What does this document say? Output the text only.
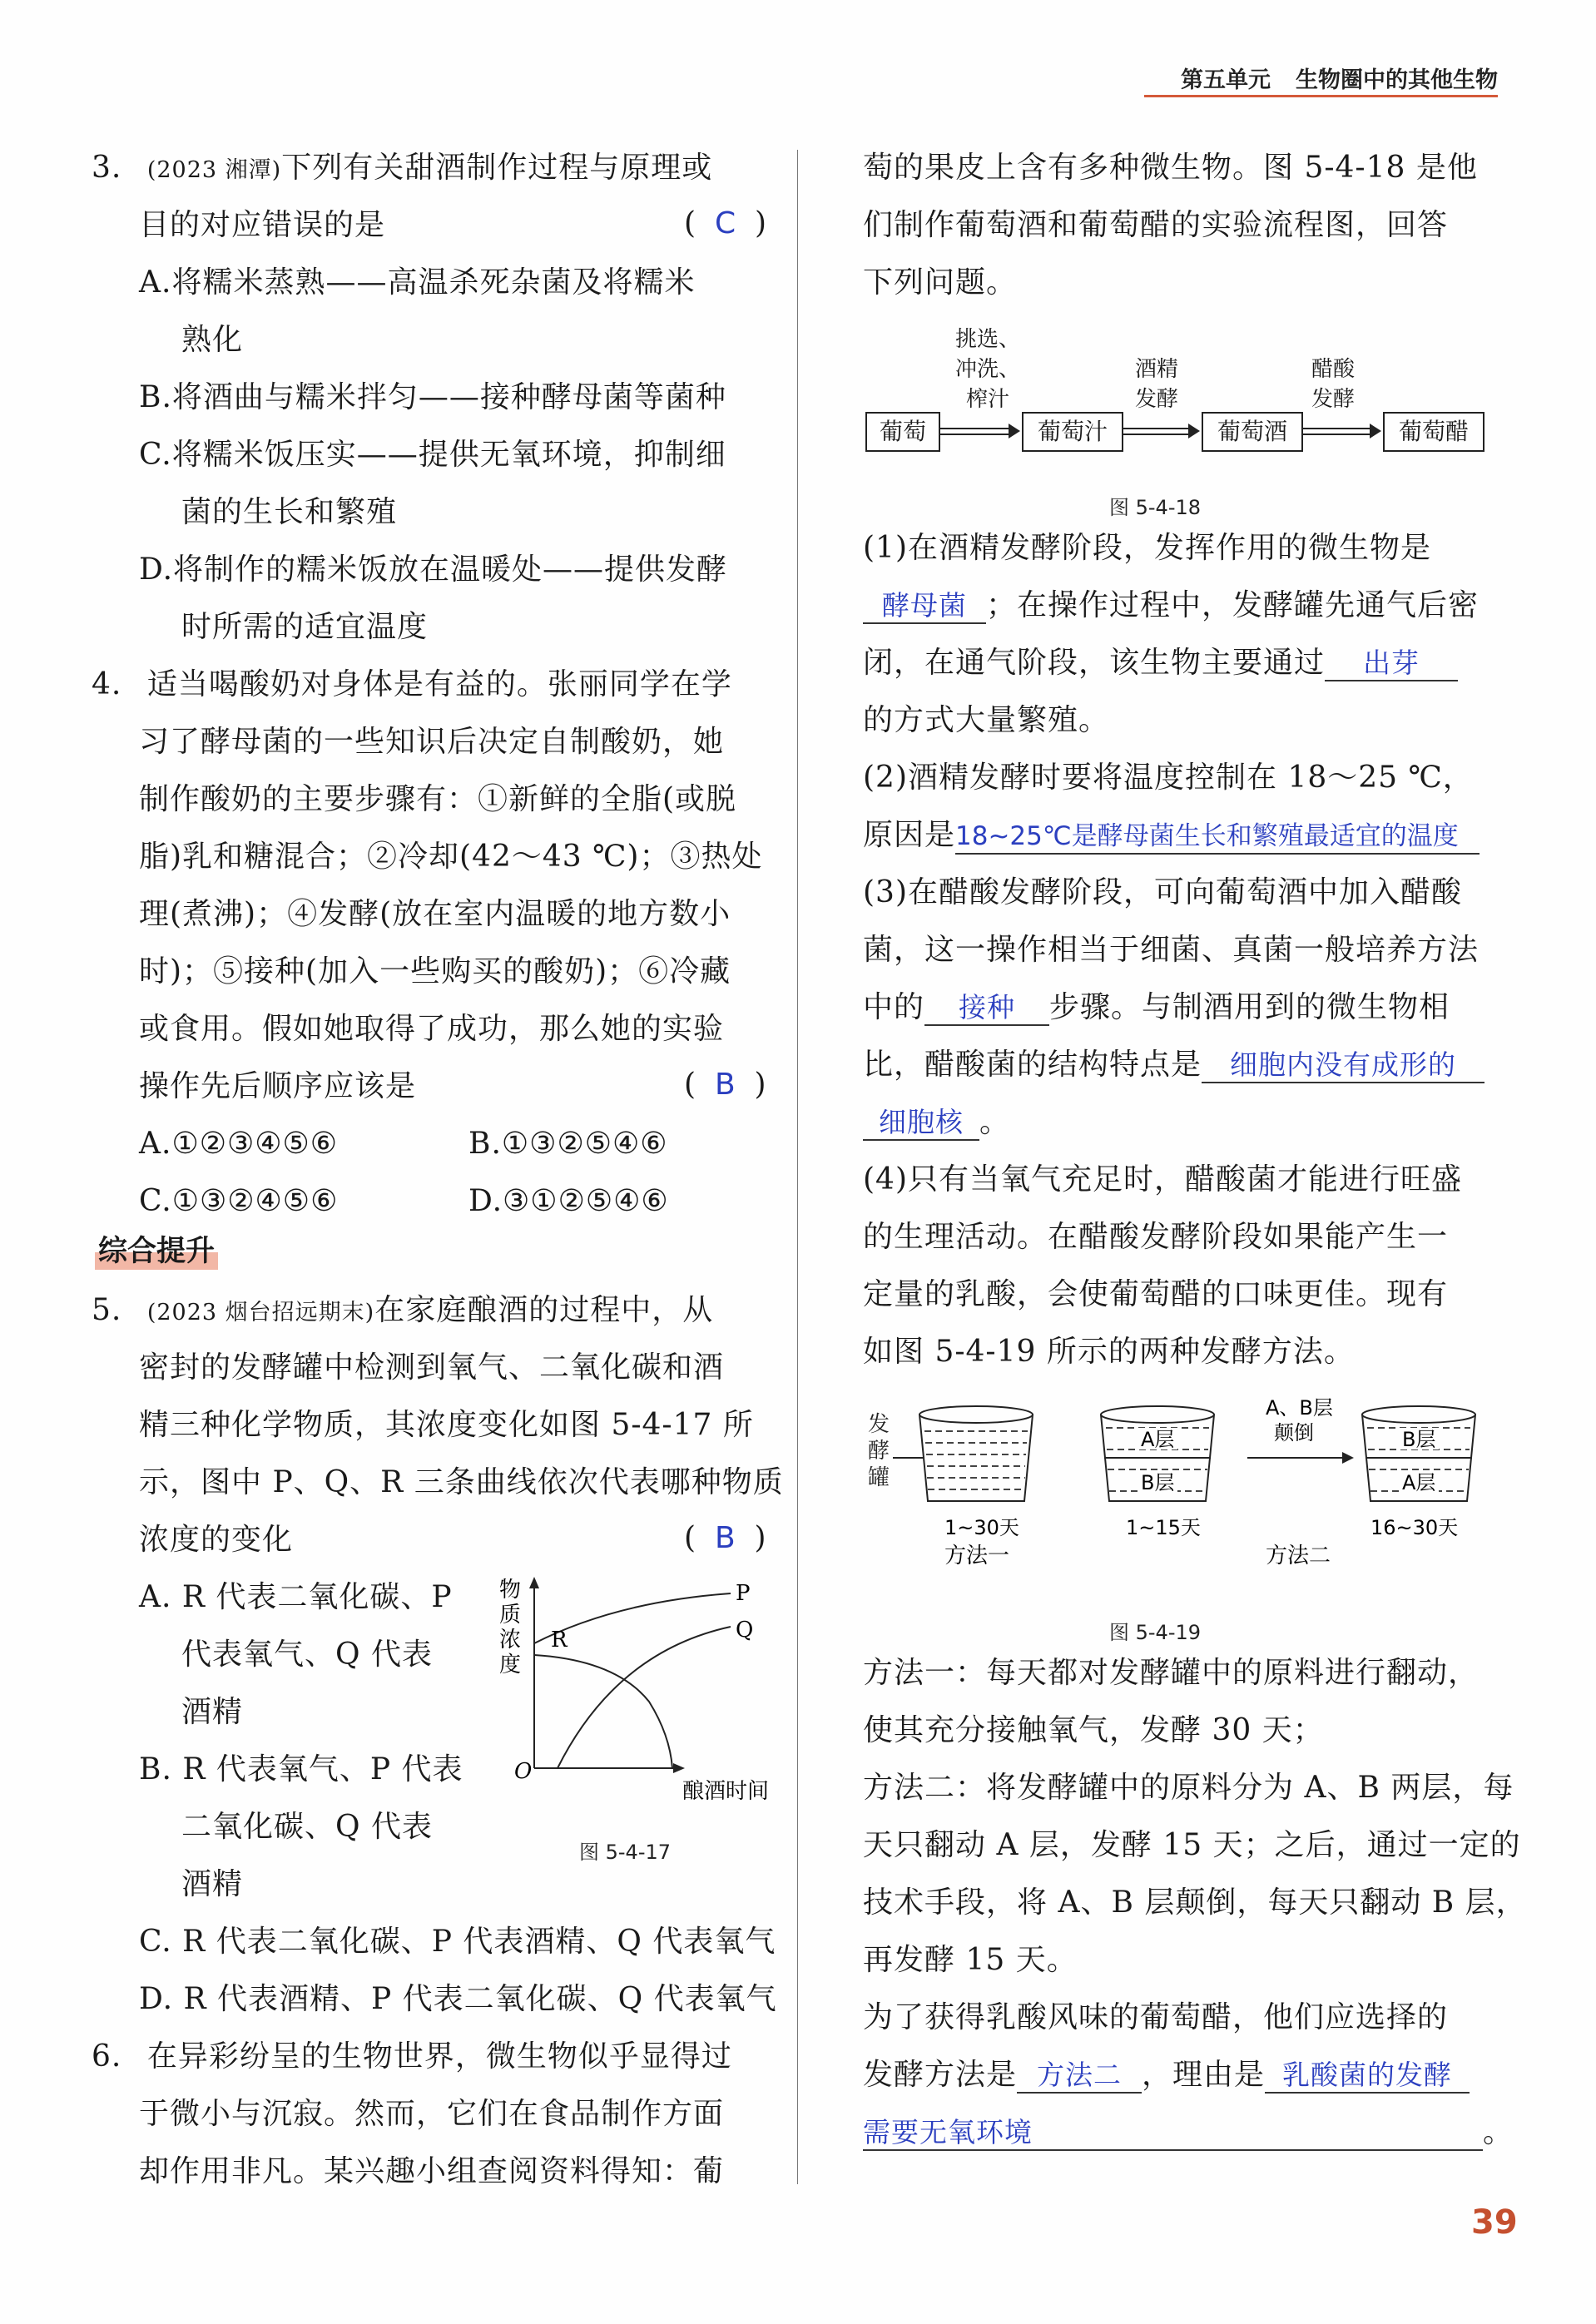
第五单元 生物圈中的其他生物
3. (2023 湘潭)下列有关甜酒制作过程与原理或
目的对应错误的是	(  C  )
A.将糯米蒸熟——高温杀死杂菌及将糯米
熟化
B.将酒曲与糯米拌匀——接种酵母菌等菌种
C.将糯米饭压实——提供无氧环境，抑制细
菌的生长和繁殖
D.将制作的糯米饭放在温暖处——提供发酵
时所需的适宜温度
4. 适当喝酸奶对身体是有益的。张丽同学在学
习了酵母菌的一些知识后决定自制酸奶，她
制作酸奶的主要步骤有：①新鲜的全脂(或脱
脂)乳和糖混合；②冷却(42～43 ℃)；③热处
理(煮沸)；④发酵(放在室内温暖的地方数小
时)；⑤接种(加入一些购买的酸奶)；⑥冷藏
或食用。假如她取得了成功，那么她的实验
操作先后顺序应该是	(  B  )
A.①②③④⑤⑥	B.①③②⑤④⑥
C.①③②④⑤⑥	D.③①②⑤④⑥
综合提升
5. (2023 烟台招远期末)在家庭酿酒的过程中，从
密封的发酵罐中检测到氧气、二氧化碳和酒
精三种化学物质，其浓度变化如图 5-4-17 所
示，图中 P、Q、R 三条曲线依次代表哪种物质
浓度的变化	(  B  )
A. R 代表二氧化碳、P
代表氧气、Q 代表
酒精
B. R 代表氧气、P 代表
二氧化碳、Q 代表
酒精
C. R 代表二氧化碳、P 代表酒精、Q 代表氧气
D. R 代表酒精、P 代表二氧化碳、Q 代表氧气
物
质
浓
度
O
酿酒时间
P
Q
R
图 5-4-17
6. 在异彩纷呈的生物世界，微生物似乎显得过
于微小与沉寂。然而，它们在食品制作方面
却作用非凡。某兴趣小组查阅资料得知：葡
萄的果皮上含有多种微生物。图 5-4-18 是他
们制作葡萄酒和葡萄醋的实验流程图，回答
下列问题。
挑选、
冲洗、
榨汁
酒精
发酵
醋酸
发酵
葡萄	葡萄汁	葡萄酒	葡萄醋
图 5-4-18
(1)在酒精发酵阶段，发挥作用的微生物是
酵母菌 ；在操作过程中，发酵罐先通气后密
闭，在通气阶段，该生物主要通过 出芽
的方式大量繁殖。
(2)酒精发酵时要将温度控制在 18～25 ℃，
原因是18~25℃是酵母菌生长和繁殖最适宜的温度
(3)在醋酸发酵阶段，可向葡萄酒中加入醋酸
菌，这一操作相当于细菌、真菌一般培养方法
中的 接种 步骤。与制酒用到的微生物相
比，醋酸菌的结构特点是 细胞内没有成形的
细胞核 。
(4)只有当氧气充足时，醋酸菌才能进行旺盛
的生理活动。在醋酸发酵阶段如果能产生一
定量的乳酸，会使葡萄醋的口味更佳。现有
如图 5-4-19 所示的两种发酵方法。
发
酵
罐
1~30天
方法一
A层
B层
1~15天
A、B层
颠倒	B层
A层
16~30天
方法二
图 5-4-19
方法一：每天都对发酵罐中的原料进行翻动，
使其充分接触氧气，发酵 30 天；
方法二：将发酵罐中的原料分为 A、B 两层，每
天只翻动 A 层，发酵 15 天；之后，通过一定的
技术手段，将 A、B 层颠倒，每天只翻动 B 层，
再发酵 15 天。
为了获得乳酸风味的葡萄醋，他们应选择的
发酵方法是 方法二 ，理由是 乳酸菌的发酵
需要无氧环境	。
39
